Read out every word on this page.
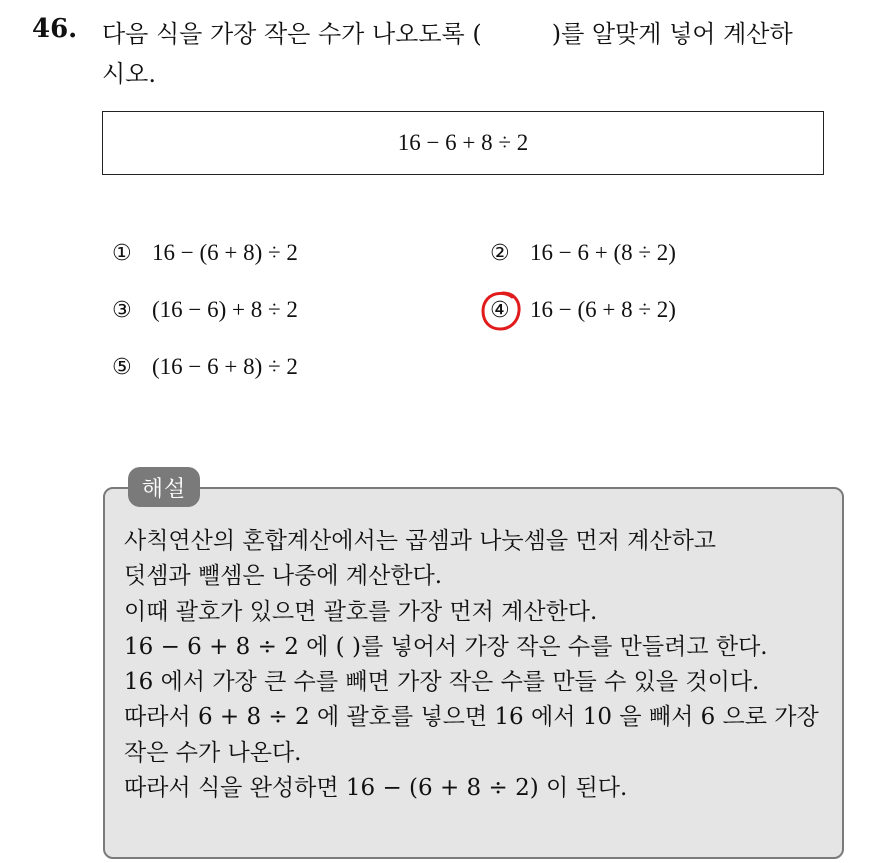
46. 다음 식을 가장 작은 수가 나오도록 (	)를 알맞게 넣어 계산하
시오.
16 − 6 + 8 ÷ 2
① 16 − (6 + 8) ÷ 2	② 16 − 6 + (8 ÷ 2)
③ (16 − 6) + 8 ÷ 2	④ 16 − (6 + 8 ÷ 2)
⑤ (16 − 6 + 8) ÷ 2
해설
사칙연산의 혼합계산에서는 곱셈과 나눗셈을 먼저 계산하고
덧셈과 뺄셈은 나중에 계산한다.
이때 괄호가 있으면 괄호를 가장 먼저 계산한다.
16 − 6 + 8 ÷ 2 에 ( )를 넣어서 가장 작은 수를 만들려고 한다.
16 에서 가장 큰 수를 빼면 가장 작은 수를 만들 수 있을 것이다.
따라서 6 + 8 ÷ 2 에 괄호를 넣으면 16 에서 10 을 빼서 6 으로 가장
작은 수가 나온다.
따라서 식을 완성하면 16 − (6 + 8 ÷ 2) 이 된다.
